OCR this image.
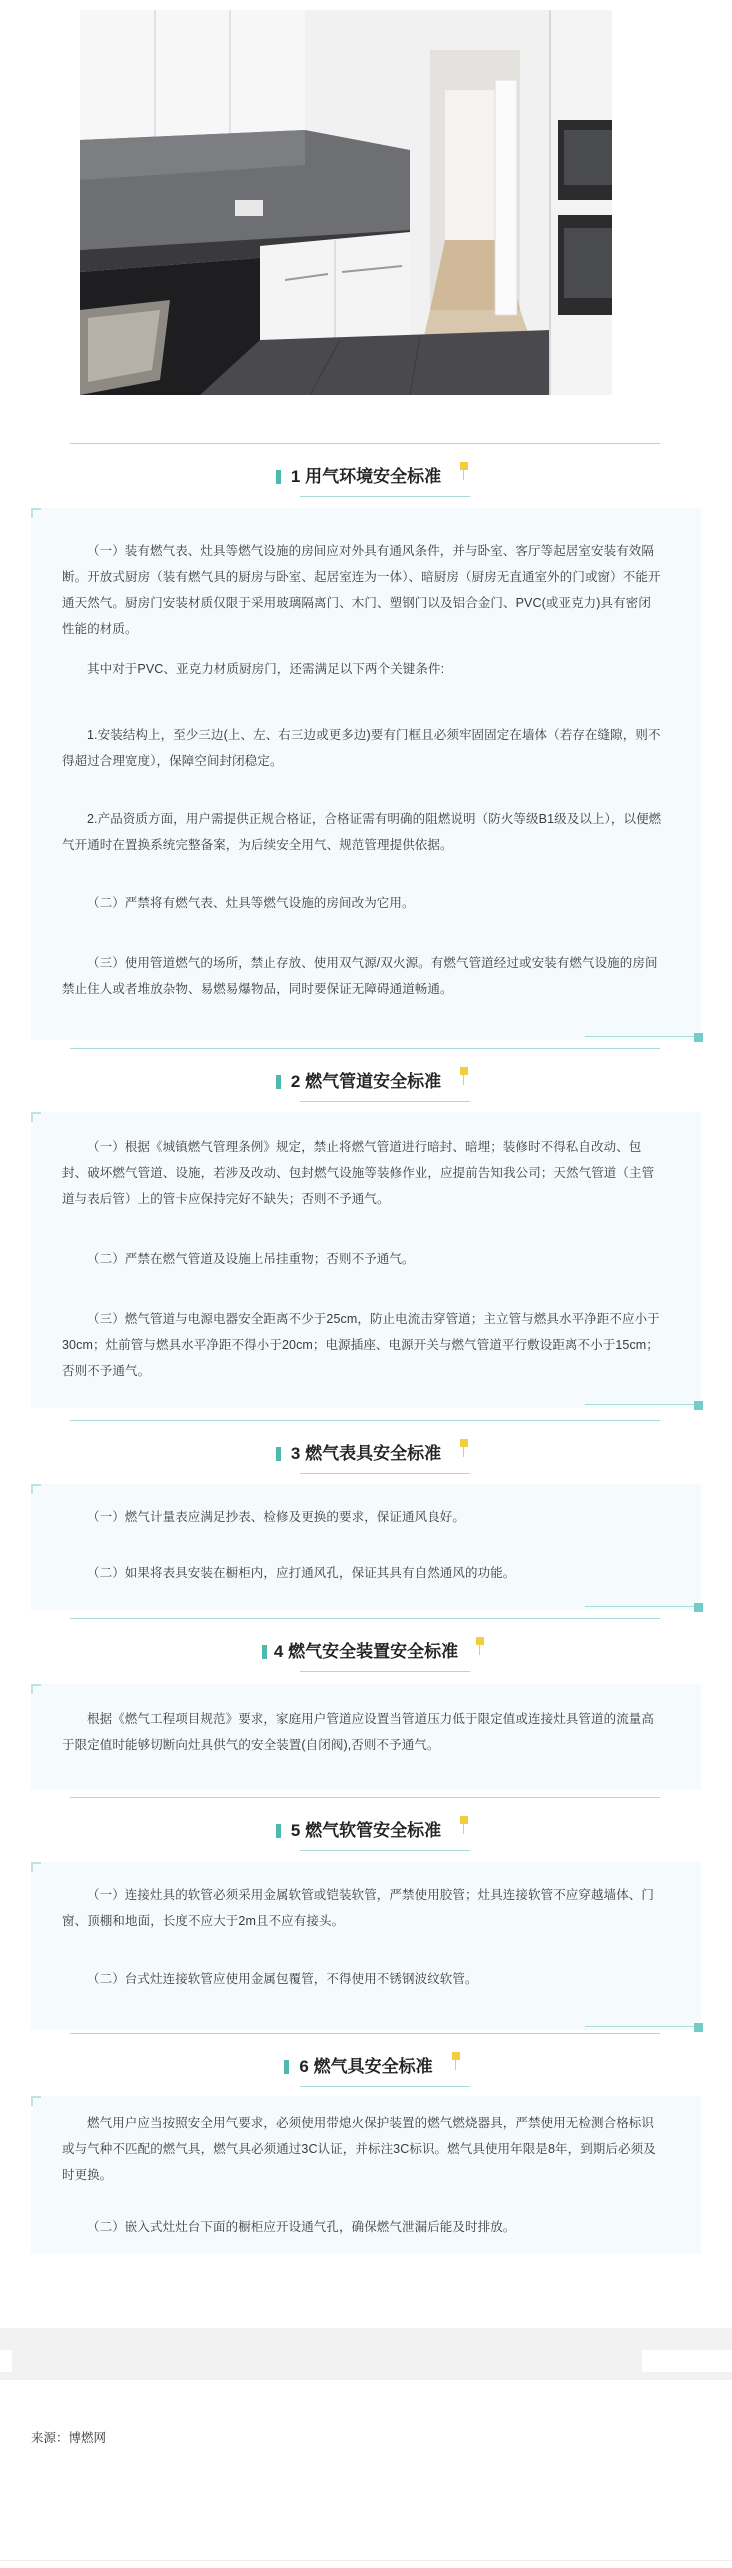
1 用气环境安全标准

（一）装有燃气表、灶具等燃气设施的房间应对外具有通风条件，并与卧室、客厅等起居室安装有效隔断。开放式厨房（装有燃气具的厨房与卧室、起居室连为一体）、暗厨房（厨房无直通室外的门或窗）不能开通天然气。厨房门安装材质仅限于采用玻璃隔离门、木门、塑钢门以及铝合金门、PVC(或亚克力)具有密闭性能的材质。

其中对于PVC、亚克力材质厨房门，还需满足以下两个关键条件:

1.安装结构上，至少三边(上、左、右三边或更多边)要有门框且必须牢固固定在墙体（若存在缝隙，则不得超过合理宽度），保障空间封闭稳定。

2.产品资质方面，用户需提供正规合格证，合格证需有明确的阻燃说明（防火等级B1级及以上），以便燃气开通时在置换系统完整备案，为后续安全用气、规范管理提供依据。

（二）严禁将有燃气表、灶具等燃气设施的房间改为它用。

（三）使用管道燃气的场所，禁止存放、使用双气源/双火源。有燃气管道经过或安装有燃气设施的房间禁止住人或者堆放杂物、易燃易爆物品，同时要保证无障碍通道畅通。

2 燃气管道安全标准

（一）根据《城镇燃气管理条例》规定，禁止将燃气管道进行暗封、暗埋；装修时不得私自改动、包封、破坏燃气管道、设施，若涉及改动、包封燃气设施等装修作业，应提前告知我公司；天然气管道（主管道与表后管）上的管卡应保持完好不缺失；否则不予通气。

（二）严禁在燃气管道及设施上吊挂重物；否则不予通气。

（三）燃气管道与电源电器安全距离不少于25cm，防止电流击穿管道；主立管与燃具水平净距不应小于30cm；灶前管与燃具水平净距不得小于20cm；电源插座、电源开关与燃气管道平行敷设距离不小于15cm；否则不予通气。

3 燃气表具安全标准

（一）燃气计量表应满足抄表、检修及更换的要求，保证通风良好。

（二）如果将表具安装在橱柜内，应打通风孔，保证其具有自然通风的功能。

4 燃气安全装置安全标准

根据《燃气工程项目规范》要求，家庭用户管道应设置当管道压力低于限定值或连接灶具管道的流量高于限定值时能够切断向灶具供气的安全装置(自闭阀),否则不予通气。

5 燃气软管安全标准

（一）连接灶具的软管必须采用金属软管或铠装软管，严禁使用胶管；灶具连接软管不应穿越墙体、门窗、顶棚和地面，长度不应大于2m且不应有接头。

（二）台式灶连接软管应使用金属包覆管，不得使用不锈钢波纹软管。

6 燃气具安全标准

燃气用户应当按照安全用气要求，必须使用带熄火保护装置的燃气燃烧器具，严禁使用无检测合格标识或与气种不匹配的燃气具，燃气具必须通过3C认证，并标注3C标识。燃气具使用年限是8年，到期后必须及时更换。

（二）嵌入式灶灶台下面的橱柜应开设通气孔，确保燃气泄漏后能及时排放。

来源：博燃网
